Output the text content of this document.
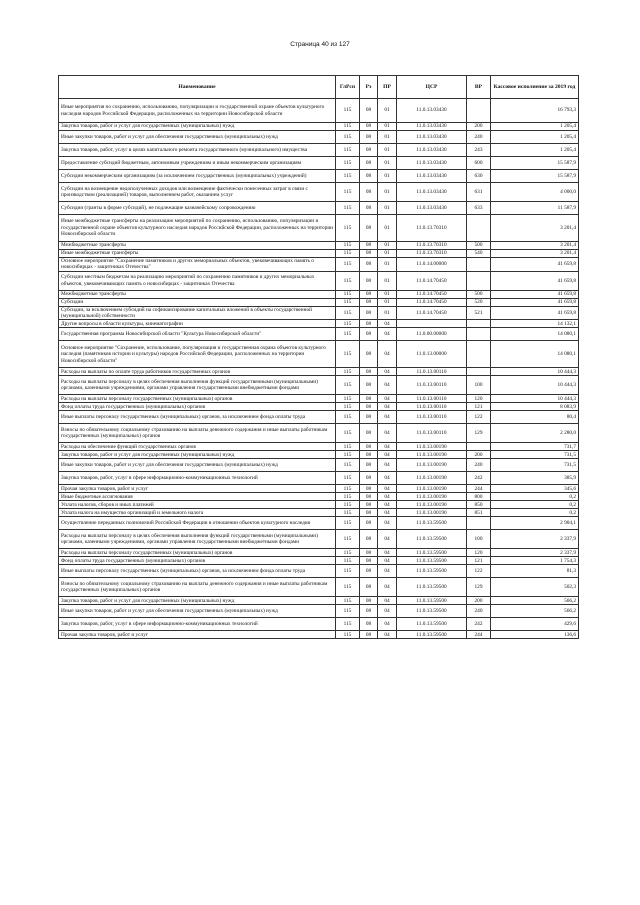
Страница 40 из 127
Наименование	ГлРсп	Рз	ПР	ЦСР	ВР	Кассовое исполнение за 2019 год
Иные мероприятия по сохранению, использованию, популяризации и государственной охране объектов культурного наследия народов Российской Федерации, расположенных на территории Новосибирской области	115	08	01	11.0.13.03430		16 793,3
Закупка товаров, работ и услуг для государственных (муниципальных) нужд	115	08	01	11.0.13.03430	200	1 205,4
Иные закупки товаров, работ и услуг для обеспечения государственных (муниципальных) нужд	115	08	01	11.0.13.03430	240	1 205,4
Закупка товаров, работ, услуг в целях капитального ремонта государственного (муниципального) имущества	115	08	01	11.0.13.03430	243	1 205,4
Предоставление субсидий бюджетным, автономным учреждениям и иным некоммерческим организациям	115	08	01	11.0.13.03430	600	15 587,9
Субсидии некоммерческим организациям (за исключением государственных (муниципальных) учреждений)	115	08	01	11.0.13.03430	630	15 587,9
Субсидии на возмещение недополученных доходов или возмещение фактически понесенных затрат в связи с производством (реализацией) товаров, выполнением работ, оказанием услуг	115	08	01	11.0.13.03430	631	4 000,0
Субсидии (гранты в форме субсидий), не подлежащие казначейскому сопровождению	115	08	01	11.0.13.03430	633	11 587,9
Иные межбюджетные трансферты на реализацию мероприятий по сохранению, использованию, популяризации и государственной охране объектов культурного наследия народов Российской Федерации, расположенных на территории Новосибирской области	115	08	01	11.0.13.70310		3 201,4
Межбюджетные трансферты	115	08	01	11.0.13.70310	500	3 201,4
Иные межбюджетные трансферты	115	08	01	11.0.13.70310	540	3 201,4
Основное мероприятие "Сохранение памятников и других мемориальных объектов, увековечивающих память о новосибирцах - защитниках Отечества"	115	08	01	11.0.14.00000		41 659,8
Субсидии местным бюджетам на реализацию мероприятий по сохранению памятников и других мемориальных объектов, увековечивающих память о новосибирцах - защитниках Отечества	115	08	01	11.0.14.70450		41 659,8
Межбюджетные трансферты	115	08	01	11.0.14.70450	500	41 659,8
Субсидии	115	08	01	11.0.14.70450	520	41 659,8
Субсидии, за исключением субсидий на софинансирование капитальных вложений в объекты государственной (муниципальной) собственности	115	08	01	11.0.14.70450	521	41 659,8
Другие вопросы в области культуры, кинематографии	115	08	04			14 132,1
Государственная программа Новосибирской области "Культура Новосибирской области"	115	08	04	11.0.00.00000		14 080,1
Основное мероприятие "Сохранение, использование, популяризация и государственная охрана объектов культурного наследия (памятников истории и культуры) народов Российской Федерации, расположенных на территории Новосибирской области"	115	08	04	11.0.13.00000		14 080,1
Расходы на выплаты по оплате труда работников государственных органов	115	08	04	11.0.13.00110		10 444,3
Расходы на выплаты персоналу в целях обеспечения выполнения функций государственными (муниципальными) органами, казенными учреждениями, органами управления государственными внебюджетными фондами	115	08	04	11.0.13.00110	100	10 444,3
Расходы на выплаты персоналу государственных (муниципальных) органов	115	08	04	11.0.13.00110	120	10 444,3
Фонд оплаты труда государственных (муниципальных) органов	115	08	04	11.0.13.00110	121	8 083,9
Иные выплаты персоналу государственных (муниципальных) органов, за исключением фонда оплаты труда	115	08	04	11.0.13.00110	122	80,4
Взносы по обязательному социальному страхованию на выплаты денежного содержания и иные выплаты работникам государственных (муниципальных) органов	115	08	04	11.0.13.00110	129	2 280,0
Расходы на обеспечение функций государственных органов	115	08	04	11.0.13.00190		731,7
Закупка товаров, работ и услуг для государственных (муниципальных) нужд	115	08	04	11.0.13.00190	200	731,5
Иные закупки товаров, работ и услуг для обеспечения государственных (муниципальных) нужд	115	08	04	11.0.13.00190	240	731,5
Закупка товаров, работ, услуг в сфере информационно-коммуникационных технологий	115	08	04	11.0.13.00190	242	385,9
Прочая закупка товаров, работ и услуг	115	08	04	11.0.13.00190	244	345,6
Иные бюджетные ассигнования	115	08	04	11.0.13.00190	800	0,2
Уплата налогов, сборов и иных платежей	115	08	04	11.0.13.00190	850	0,2
Уплата налога на имущество организаций и земельного налога	115	08	04	11.0.13.00190	851	0,2
Осуществление переданных полномочий Российской Федерации в отношении объектов культурного наследия	115	08	04	11.0.13.59500		2 904,1
Расходы на выплаты персоналу в целях обеспечения выполнения функций государственными (муниципальными) органами, казенными учреждениями, органами управления государственными внебюджетными фондами	115	08	04	11.0.13.59500	100	2 337,9
Расходы на выплаты персоналу государственных (муниципальных) органов	115	08	04	11.0.13.59500	120	2 337,9
Фонд оплаты труда государственных (муниципальных) органов	115	08	04	11.0.13.59500	121	1 754,3
Иные выплаты персоналу государственных (муниципальных) органов, за исключением фонда оплаты труда	115	08	04	11.0.13.59500	122	81,3
Взносы по обязательному социальному страхованию на выплаты денежного содержания и иные выплаты работникам государственных (муниципальных) органов	115	08	04	11.0.13.59500	129	502,3
Закупка товаров, работ и услуг для государственных (муниципальных) нужд	115	08	04	11.0.13.59500	200	566,2
Иные закупки товаров, работ и услуг для обеспечения государственных (муниципальных) нужд	115	08	04	11.0.13.59500	240	566,2
Закупка товаров, работ, услуг в сфере информационно-коммуникационных технологий	115	08	04	11.0.13.59500	242	429,6
Прочая закупка товаров, работ и услуг	115	08	04	11.0.13.59500	244	136,6
